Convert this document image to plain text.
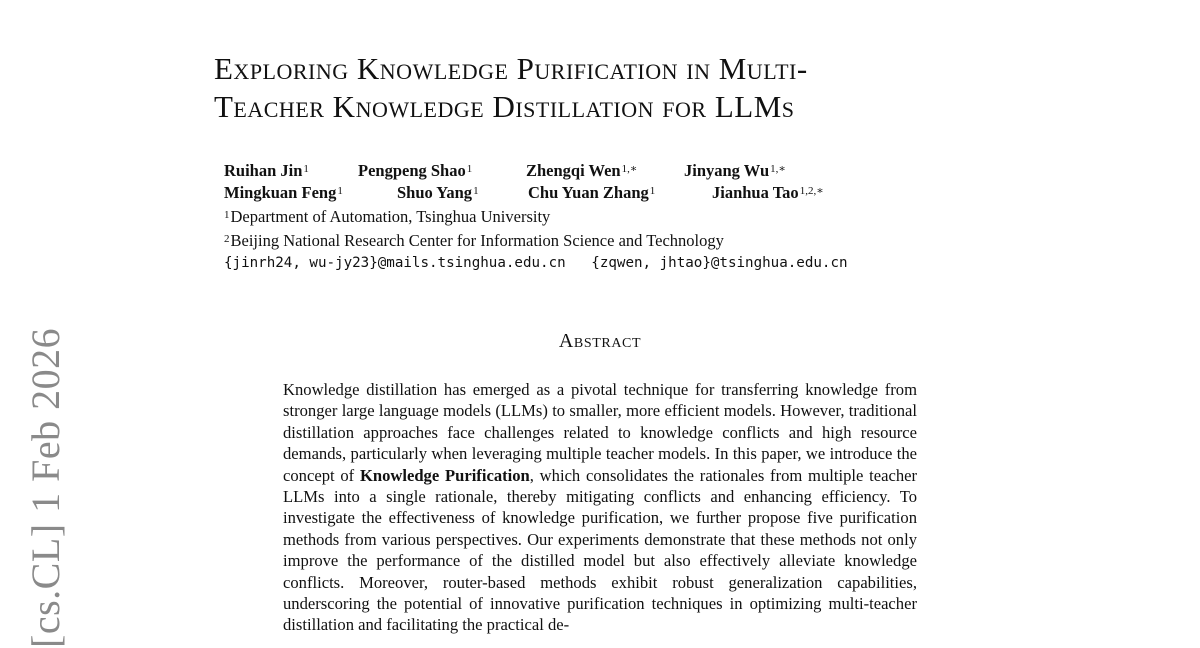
Exploring Knowledge Purification in Multi-
Teacher Knowledge Distillation for LLMs
Ruihan Jin$^1$	Pengpeng Shao$^1$	Zhengqi Wen$^{1,∗}$	Jinyang $Wu^{1,∗}$
Mingkuan Feng$^1$	Shuo Yang$^1$	Chu Yuan Zhang$^1$	Jianhua Tao$^{1,2,∗}$
$^1$Department of Automation, Tsinghua University
$^2$Beijing National Research Center for Information Science and Technology
{jinrh24, wu-jy23}@mails.tsinghua.edu.cn   {zqwen, jhtao}@tsinghua.edu.cn
Abstract
Knowledge distillation has emerged as a pivotal technique for transferring knowledge from stronger large language models (LLMs) to smaller, more efficient models. However, traditional distillation approaches face challenges related to knowledge conflicts and high resource demands, particularly when leveraging multiple teacher models. In this paper, we introduce the concept of Knowledge Purification, which consolidates the rationales from multiple teacher LLMs into a single rationale, thereby mitigating conflicts and enhancing efficiency. To investigate the effectiveness of knowledge purification, we further propose five purification methods from various perspectives. Our experiments demonstrate that these methods not only improve the performance of the distilled model but also effectively alleviate knowledge conflicts. Moreover, router-based methods exhibit robust generalization capabilities, underscoring the potential of innovative purification techniques in optimizing multi-teacher distillation and facilitating the practical de-
[cs.CL] 1 Feb 2026
